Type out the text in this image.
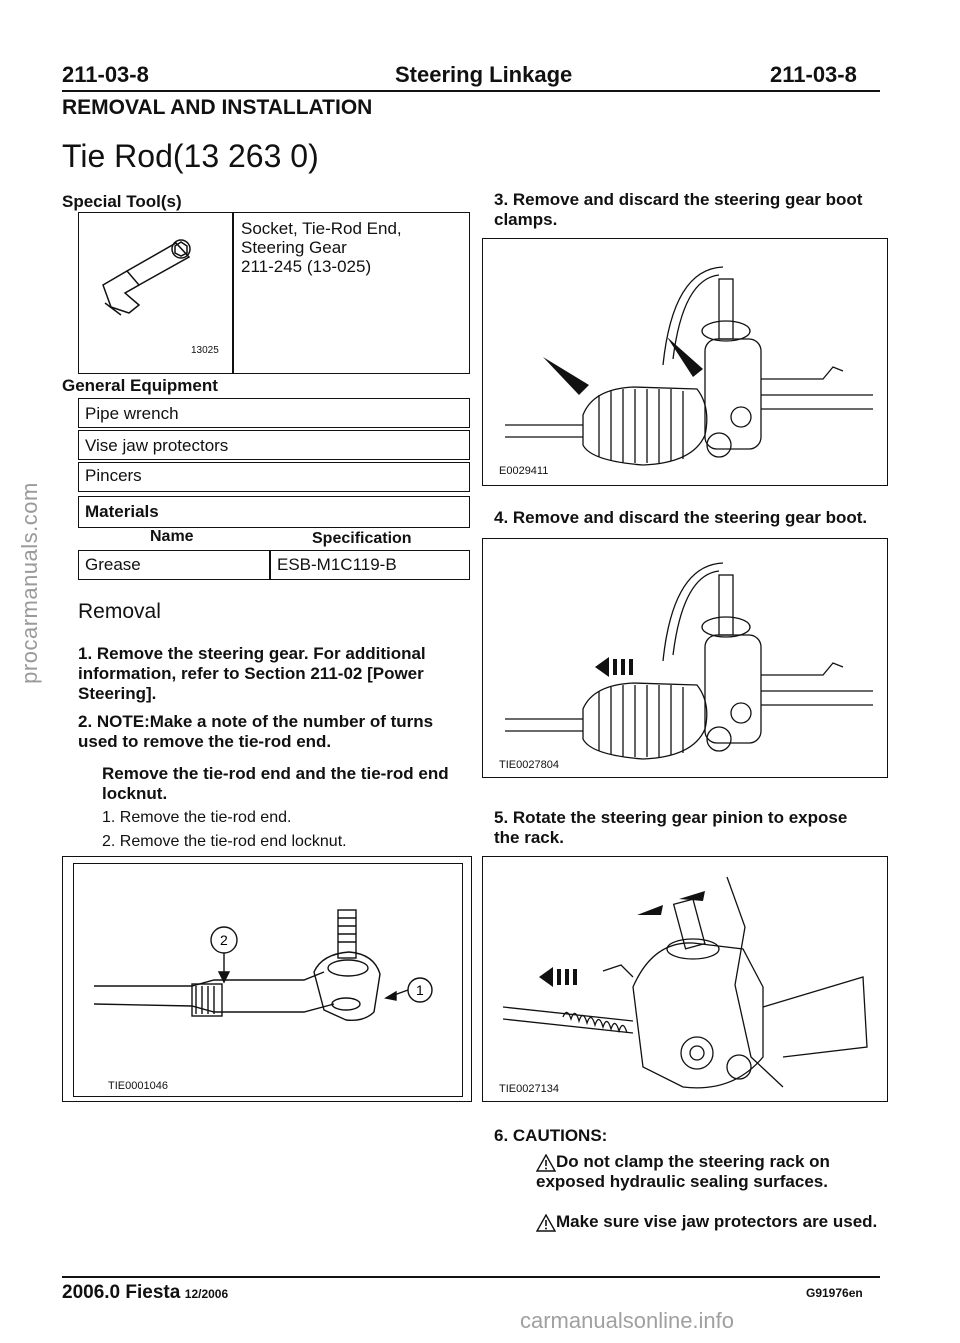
procarmanuals.com
211-03-8	Steering Linkage	211-03-8
REMOVAL AND INSTALLATION
Tie Rod(13 263 0)
Special Tool(s)
13025
Socket, Tie-Rod End,
Steering Gear
211-245 (13-025)
General Equipment
Pipe wrench
Vise jaw protectors
Pincers
Materials
Name	Specification
Grease	ESB-M1C119-B
Removal
1. Remove the steering gear. For additional information, refer to Section 211-02 [Power Steering].
2. NOTE:Make a note of the number of turns used to remove the tie-rod end.
Remove the tie-rod end and the tie-rod end locknut.
1. Remove the tie-rod end.
2. Remove the tie-rod end locknut.
2
1
TIE0001046
3. Remove and discard the steering gear boot clamps.
E0029411
4. Remove and discard the steering gear boot.
TIE0027804
5. Rotate the steering gear pinion to expose the rack.
TIE0027134
6. CAUTIONS:
Do not clamp the steering rack on exposed hydraulic sealing surfaces.
Make sure vise jaw protectors are used.
2006.0 Fiesta 12/2006	G91976en
carmanualsonline.info
